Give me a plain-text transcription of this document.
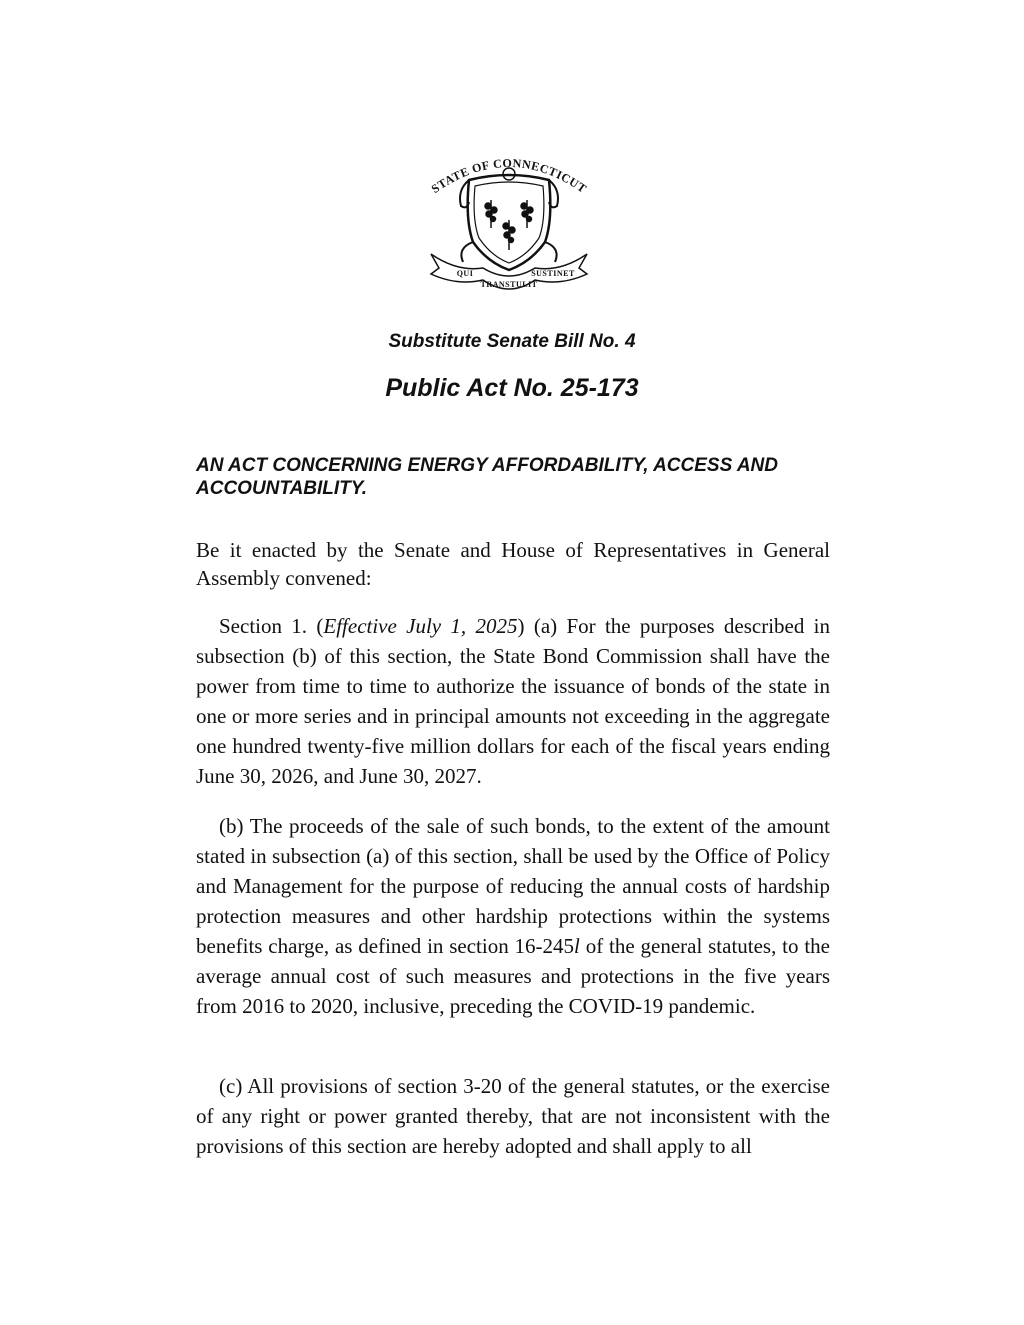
STATE OF CONNECTICUT
QUI
TRANSTULIT
SUSTINET
Substitute Senate Bill No. 4
Public Act No. 25-173
AN ACT CONCERNING ENERGY AFFORDABILITY, ACCESS AND
ACCOUNTABILITY.

Be it enacted by the Senate and House of Representatives in General Assembly convened:

Section 1. (Effective July 1, 2025) (a) For the purposes described in subsection (b) of this section, the State Bond Commission shall have the power from time to time to authorize the issuance of bonds of the state in one or more series and in principal amounts not exceeding in the aggregate one hundred twenty-five million dollars for each of the fiscal years ending June 30, 2026, and June 30, 2027.

(b) The proceeds of the sale of such bonds, to the extent of the amount stated in subsection (a) of this section, shall be used by the Office of Policy and Management for the purpose of reducing the annual costs of hardship protection measures and other hardship protections within the systems benefits charge, as defined in section 16-245l of the general statutes, to the average annual cost of such measures and protections in the five years from 2016 to 2020, inclusive, preceding the COVID-19 pandemic.

(c) All provisions of section 3-20 of the general statutes, or the exercise of any right or power granted thereby, that are not inconsistent with the provisions of this section are hereby adopted and shall apply to all
